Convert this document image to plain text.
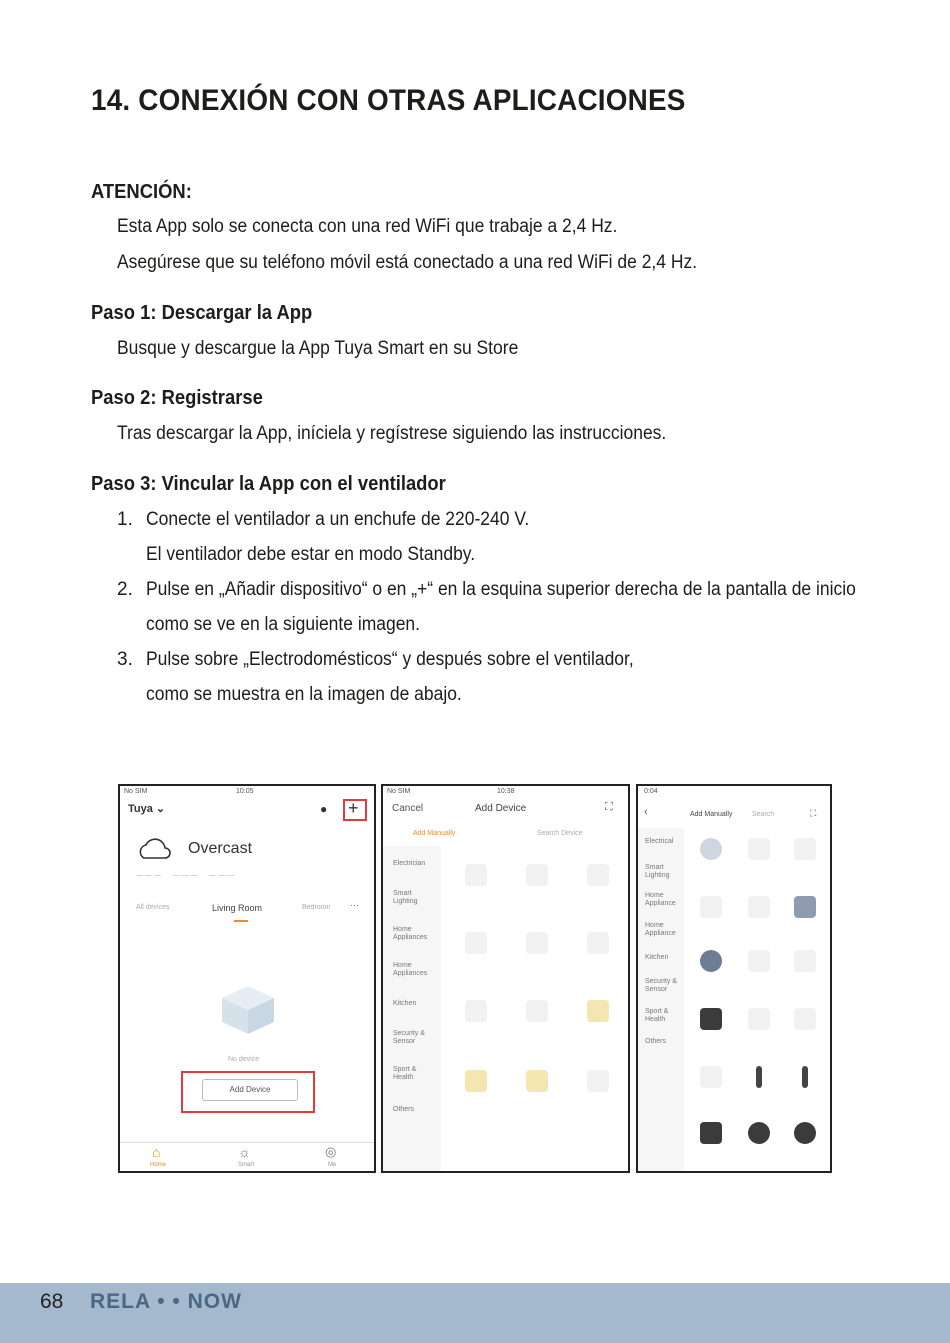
14. CONEXIÓN CON OTRAS APLICACIONES
ATENCIÓN:

Esta App solo se conecta con una red WiFi que trabaje a 2,4 Hz.

Asegúrese que su teléfono móvil está conectado a una red WiFi de 2,4 Hz.

Paso 1: Descargar la App

Busque y descargue la App Tuya Smart en su Store

Paso 2: Registrarse

Tras descargar la App, iníciela y regístrese siguiendo las instrucciones.

Paso 3: Vincular la App con el ventilador
1. Conecte el ventilador a un enchufe de 220-240 V.

El ventilador debe estar en modo Standby.

2. Pulse en „Añadir dispositivo“ o en „+“ en la esquina superior derecha de la pantalla de inicio

como se ve en la siguiente imagen.

3. Pulse sobre „Electrodomésticos“ y después sobre el ventilador,

como se muestra en la imagen de abajo.

No SIM	10:05
Tuya ⌄	● +
Overcast
— — —      — — —      — — —
All devices	Living Room	Bedroom ···
No device
Add Device
⌂
Home
☼
Smart
◎
Me
No SIM	10:38
Cancel	Add Device	⛶
Add Manually	Search Device
Electrician
Smart Lighting
Home Appliances
Home Appliances
Kitchen
Security & Sensor
Sport & Health
Others
0:04
‹	Add Manually	Search	⛶
Electrical
Smart Lighting
Home Appliance
Home Appliance
Kitchen
Security & Sensor
Sport & Health
Others
68 RELA • • NOW
